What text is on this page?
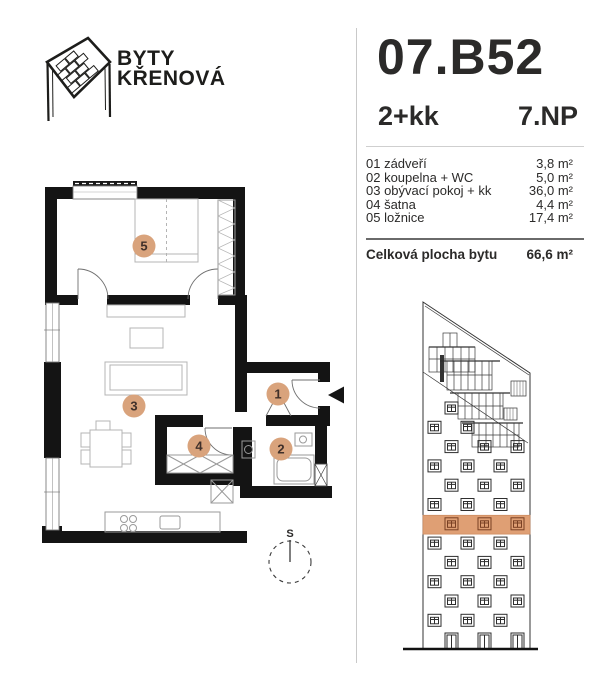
BYTY
KŘENOVÁ
1
2
3
4
5
S
07.B52
2+kk	7.NP
01 zádveří	3,8 m²
02 koupelna + WC	5,0 m²
03 obývací pokoj + kk	36,0 m²
04 šatna	4,4 m²
05 ložnice	17,4 m²
Celková plocha bytu 66,6 m²
